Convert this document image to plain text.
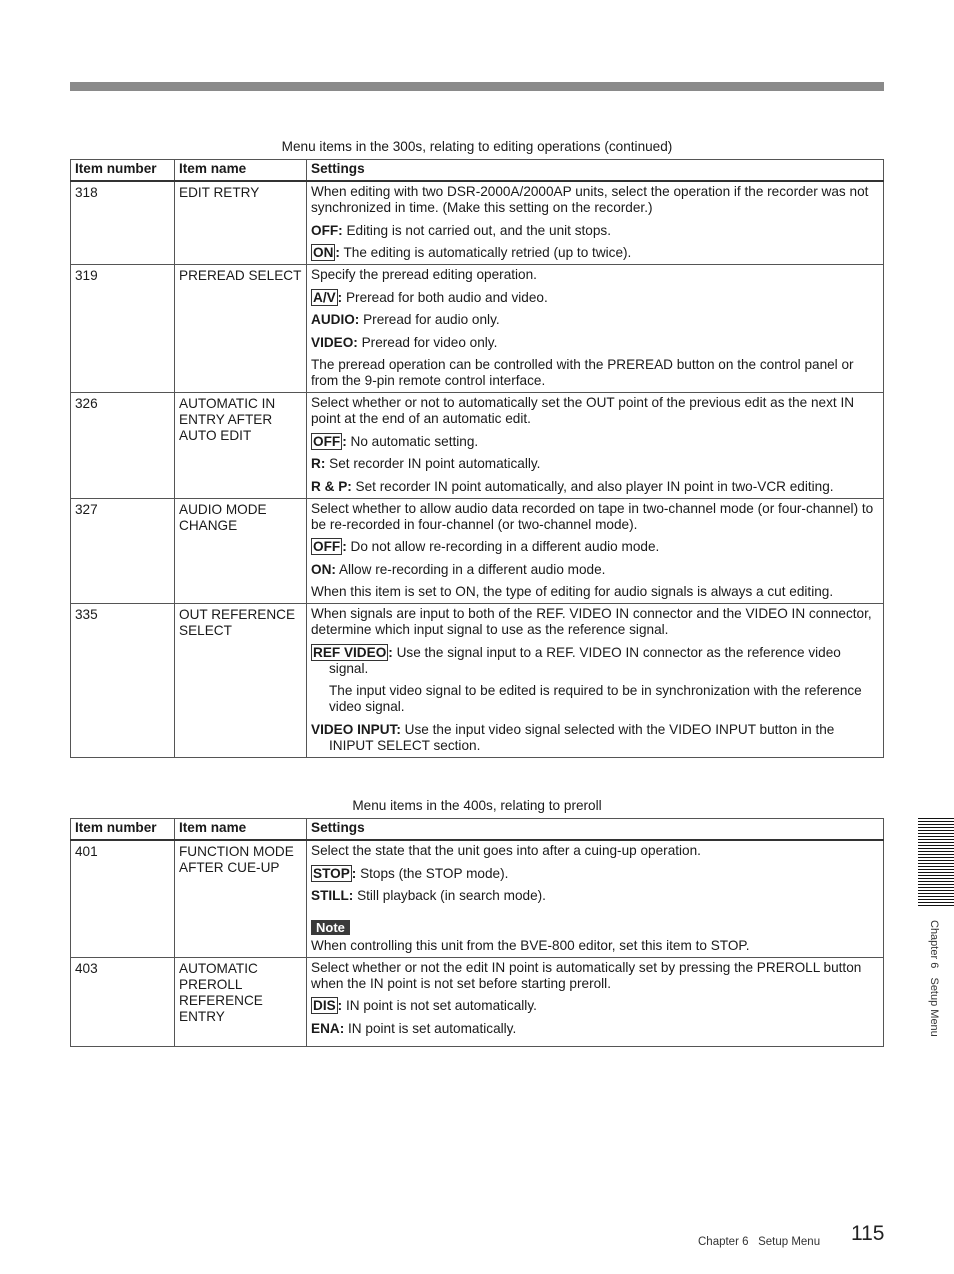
Menu items in the 300s, relating to editing operations (continued)
Item number	Item name	Settings
318	EDIT RETRY	When editing with two DSR-2000A/2000AP units, select the operation if the recorder was not synchronized in time. (Make this setting on the recorder.)
OFF: Editing is not carried out, and the unit stops.
ON : The editing is automatically retried (up to twice).

319	PREREAD SELECT	Specify the preread editing operation.
A/V : Preread for both audio and video.
AUDIO: Preread for audio only.
VIDEO: Preread for video only.
The preread operation can be controlled with the PREREAD button on the control panel or from the 9-pin remote control interface.

326	AUTOMATIC IN ENTRY AFTER AUTO EDIT	Select whether or not to automatically set the OUT point of the previous edit as the next IN point at the end of an automatic edit.
OFF : No automatic setting.
R: Set recorder IN point automatically.
R & P: Set recorder IN point automatically, and also player IN point in two-VCR editing.

327	AUDIO MODE CHANGE	Select whether to allow audio data recorded on tape in two-channel mode (or four-channel) to be re-recorded in four-channel (or two-channel mode).
OFF : Do not allow re-recording in a different audio mode.
ON: Allow re-recording in a different audio mode.
When this item is set to ON, the type of editing for audio signals is always a cut editing.

335	OUT REFERENCE SELECT	When signals are input to both of the REF. VIDEO IN connector and the VIDEO IN connector, determine which input signal to use as the reference signal.
REF VIDEO : Use the signal input to a REF. VIDEO IN connector as the reference video signal.
The input video signal to be edited is required to be in synchronization with the reference video signal.
VIDEO INPUT: Use the input video signal selected with the VIDEO INPUT button in the INIPUT SELECT section.
Menu items in the 400s, relating to preroll
Item number	Item name	Settings
401	FUNCTION MODE AFTER CUE-UP	Select the state that the unit goes into after a cuing-up operation.
STOP : Stops (the STOP mode).
STILL: Still playback (in search mode).
Note
When controlling this unit from the BVE-800 editor, set this item to STOP.

403	AUTOMATIC PREROLL REFERENCE ENTRY	Select whether or not the edit IN point is automatically set by pressing the PREROLL button when the IN point is not set before starting preroll.
DIS : IN point is not set automatically.
ENA: IN point is set automatically.	Chapter 6   Setup Menu
Chapter 6   Setup Menu 115
